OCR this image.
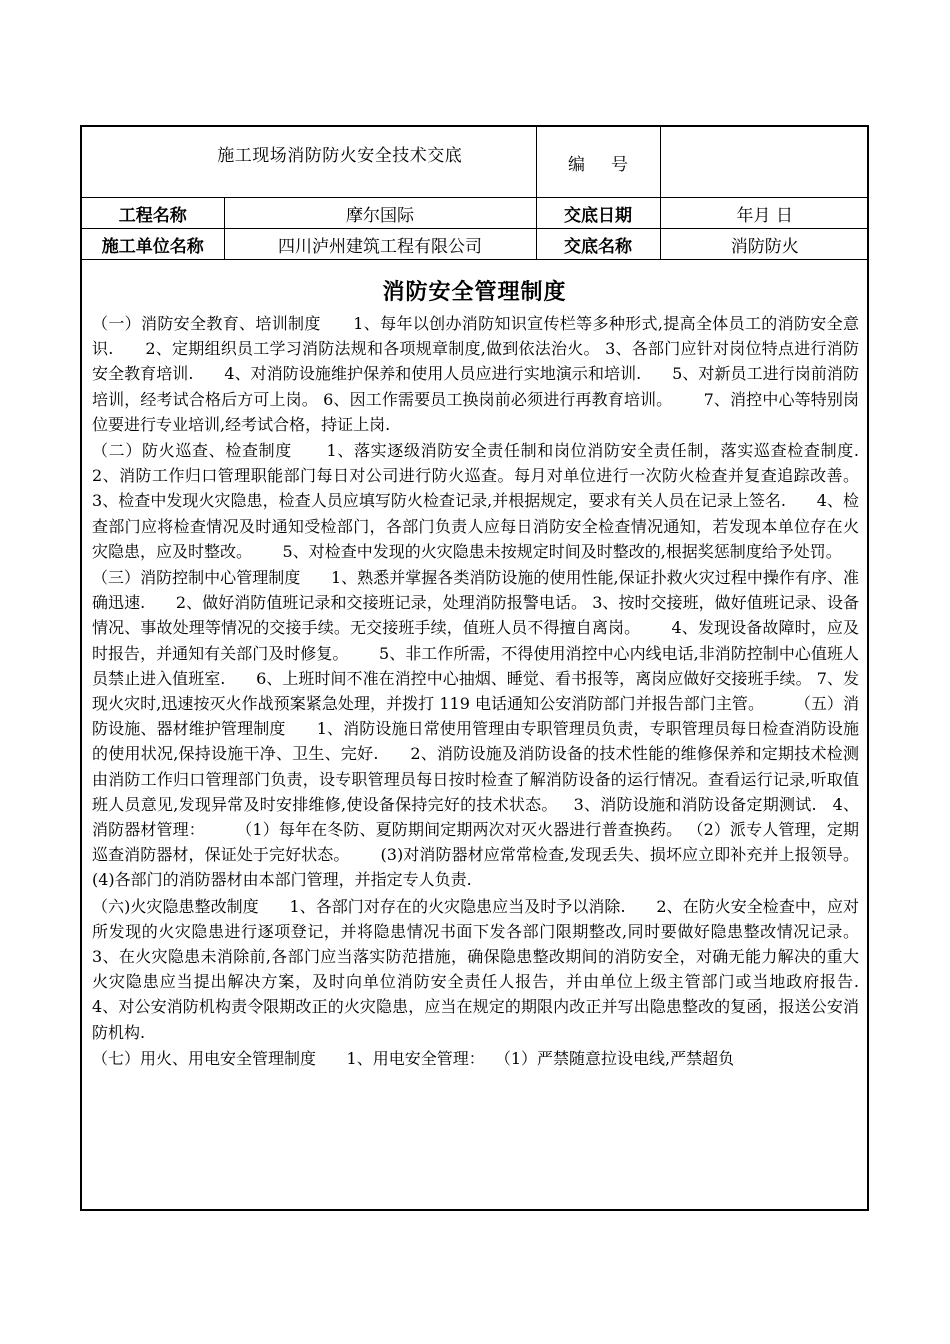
施工现场消防防火安全技术交底		编号	
工程名称	摩尔国际	交底日期	年月 日
施工单位名称	四川泸州建筑工程有限公司	交底名称	消防防火
消防安全管理制度

（一）消防安全教育、培训制度      1、每年以创办消防知识宣传栏等多种形式,提高全体员工的消防安全意识.      2、定期组织员工学习消防法规和各项规章制度,做到依法治火。 3、各部门应针对岗位特点进行消防安全教育培训.      4、对消防设施维护保养和使用人员应进行实地演示和培训.      5、对新员工进行岗前消防培训，经考试合格后方可上岗。 6、因工作需要员工换岗前必须进行再教育培训。      7、消控中心等特别岗位要进行专业培训,经考试合格，持证上岗.

（二）防火巡查、检查制度      1、落实逐级消防安全责任制和岗位消防安全责任制，落实巡查检查制度.      2、消防工作归口管理职能部门每日对公司进行防火巡查。每月对单位进行一次防火检查并复查追踪改善。      3、检查中发现火灾隐患，检查人员应填写防火检查记录,并根据规定，要求有关人员在记录上签名.      4、检查部门应将检查情况及时通知受检部门，各部门负责人应每日消防安全检查情况通知，若发现本单位存在火灾隐患，应及时整改。      5、对检查中发现的火灾隐患未按规定时间及时整改的,根据奖惩制度给予处罚。

（三）消防控制中心管理制度      1、熟悉并掌握各类消防设施的使用性能,保证扑救火灾过程中操作有序、准确迅速.      2、做好消防值班记录和交接班记录，处理消防报警电话。 3、按时交接班，做好值班记录、设备情况、事故处理等情况的交接手续。无交接班手续，值班人员不得擅自离岗。      4、发现设备故障时，应及时报告，并通知有关部门及时修复。      5、非工作所需，不得使用消控中心内线电话,非消防控制中心值班人员禁止进入值班室.      6、上班时间不准在消控中心抽烟、睡觉、看书报等，离岗应做好交接班手续。 7、发现火灾时,迅速按灭火作战预案紧急处理，并拨打 119 电话通知公安消防部门并报告部门主管。      （五）消防设施、器材维护管理制度      1、消防设施日常使用管理由专职管理员负责，专职管理员每日检查消防设施的使用状况,保持设施干净、卫生、完好.      2、消防设施及消防设备的技术性能的维修保养和定期技术检测由消防工作归口管理部门负责，设专职管理员每日按时检查了解消防设备的运行情况。查看运行记录,听取值班人员意见,发现异常及时安排维修,使设备保持完好的技术状态。   3、消防设施和消防设备定期测试.   4、消防器材管理：      （1）每年在冬防、夏防期间定期两次对灭火器进行普查换药。 （2）派专人管理，定期巡查消防器材，保证处于完好状态。      (3)对消防器材应常常检查,发现丢失、损坏应立即补充并上报领导。      (4)各部门的消防器材由本部门管理，并指定专人负责.

（六)火灾隐患整改制度      1、各部门对存在的火灾隐患应当及时予以消除.      2、在防火安全检查中，应对所发现的火灾隐患进行逐项登记，并将隐患情况书面下发各部门限期整改,同时要做好隐患整改情况记录。      3、在火灾隐患未消除前,各部门应当落实防范措施，确保隐患整改期间的消防安全，对确无能力解决的重大火灾隐患应当提出解决方案，及时向单位消防安全责任人报告，并由单位上级主管部门或当地政府报告.      4、对公安消防机构责令限期改正的火灾隐患，应当在规定的期限内改正并写出隐患整改的复函，报送公安消防机构.

（七）用火、用电安全管理制度      1、用电安全管理：  （1）严禁随意拉设电线,严禁超负
